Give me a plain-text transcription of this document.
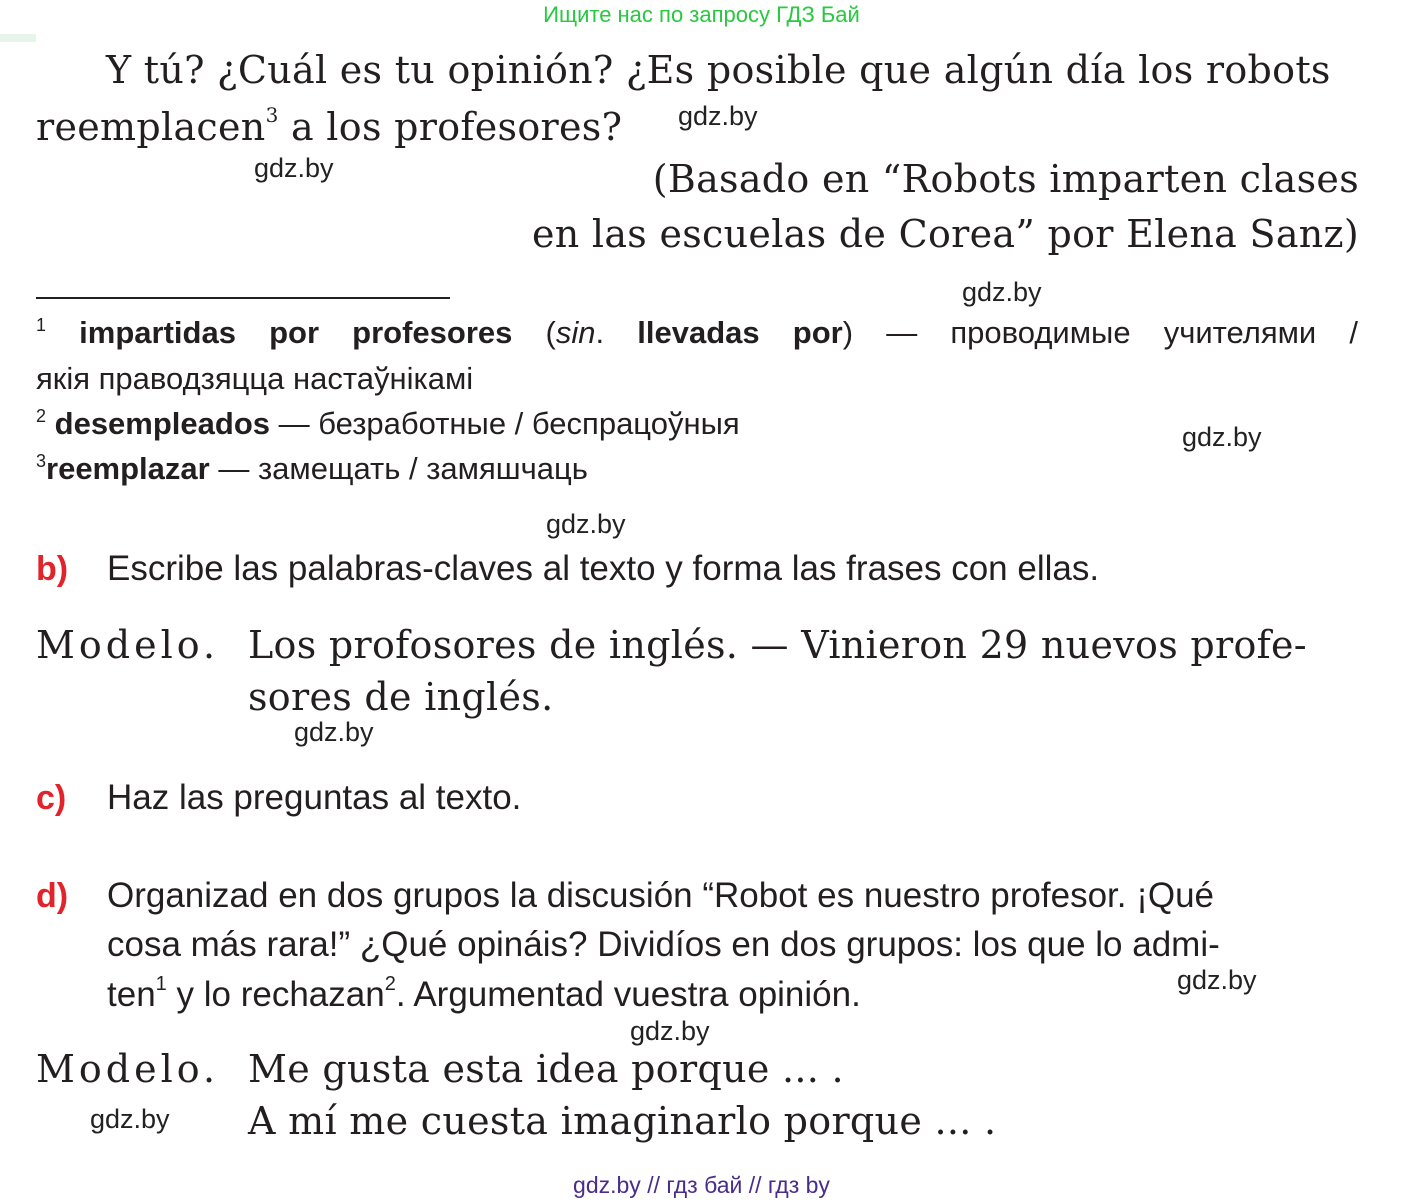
Ищите нас по запросу ГДЗ Бай
Y tú? ¿Cuál es tu opinión? ¿Es posible que algún día los robots
reemplacen$^3$ a los profesores?
(Basado en “Robots imparten clases
en las escuelas de Corea” por Elena Sanz)
$^1$ impartidas por profesores (sin. llevadas por) — проводимые учителями /
якія праводзяцца настаўнікамі
$^2$ desempleados — безработные / беспрацоўныя
$^3$reemplazar — замещать / замяшчаць
b) Escribe las palabras-claves al texto y forma las frases con ellas.
Modelo. Los profosores de inglés. — Vinieron 29 nuevos profe-
sores de inglés.
c) Haz las preguntas al texto.
d) Organizad en dos grupos la discusión “Robot es nuestro profesor. ¡Qué
cosa más rara!” ¿Qué opináis? Dividíos en dos grupos: los que lo admi-
ten$^1$ y lo rechazan$^2$. Argumentad vuestra opinión.
Modelo. Me gusta esta idea porque ... .
A mí me cuesta imaginarlo porque ... .
gdz.by
gdz.by
gdz.by
gdz.by
gdz.by
gdz.by
gdz.by
gdz.by
gdz.by
gdz.by // гдз бай // гдз by
